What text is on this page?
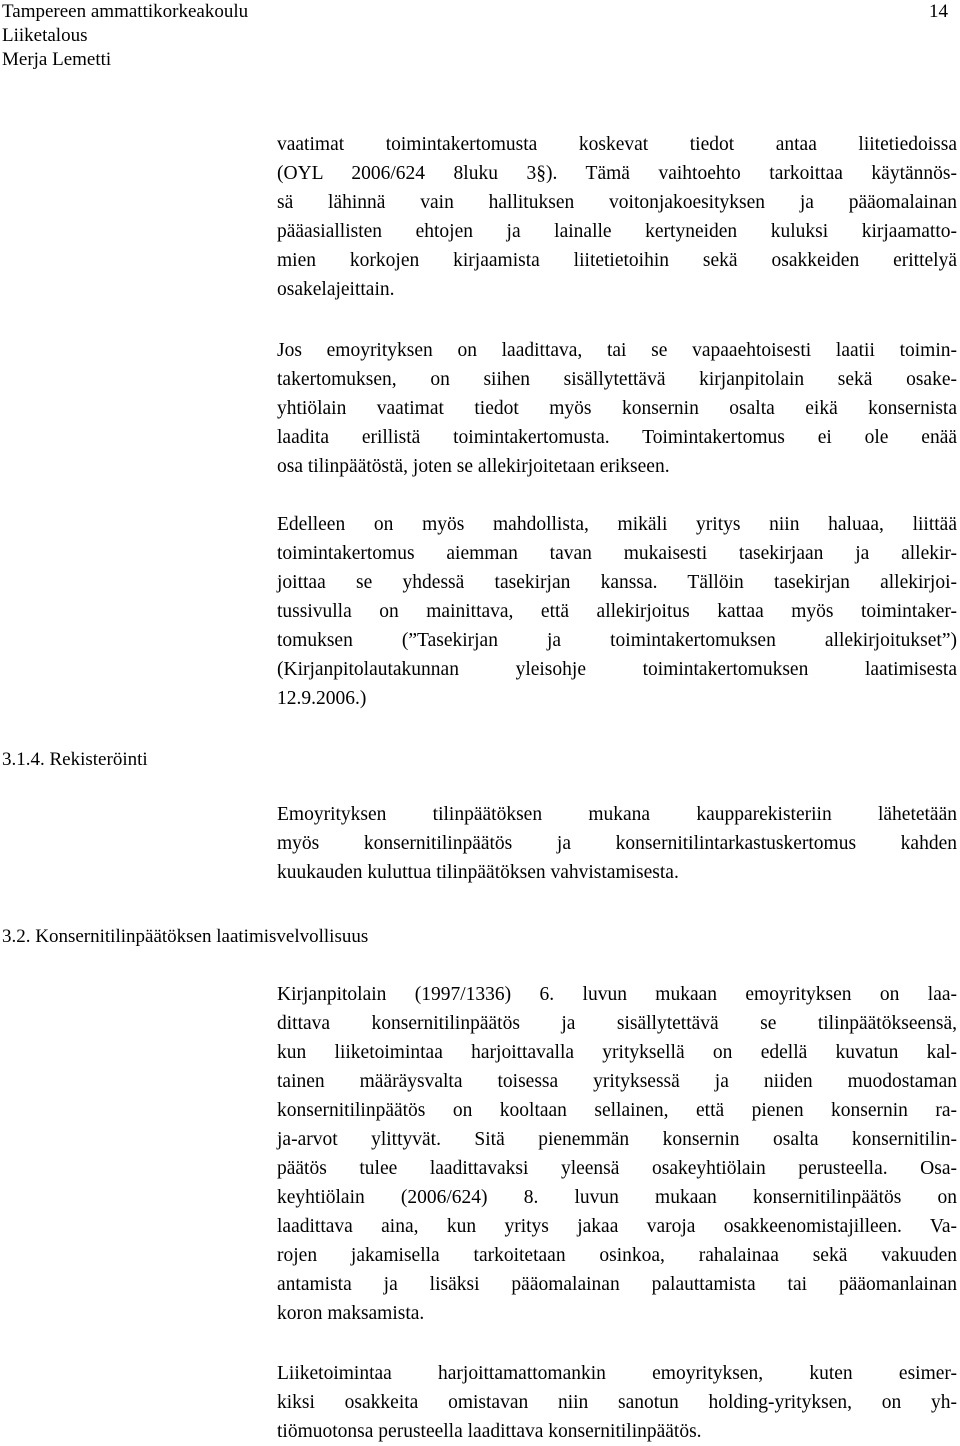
Tampereen ammattikorkeakoulu
Liiketalous
Merja Lemetti
14
3.1.4. Rekisteröinti
3.2. Konsernitilinpäätöksen laatimisvelvollisuus
vaatimat toimintakertomusta koskevat tiedot antaa liitetiedoissa
(OYL 2006/624 8luku 3§). Tämä vaihtoehto tarkoittaa käytännös-
sä lähinnä vain hallituksen voitonjakoesityksen ja pääomalainan
pääasiallisten ehtojen ja lainalle kertyneiden kuluksi kirjaamatto-
mien korkojen kirjaamista liitetietoihin sekä osakkeiden erittelyä
osakelajeittain.
Jos emoyrityksen on laadittava, tai se vapaaehtoisesti laatii toimin-
takertomuksen, on siihen sisällytettävä kirjanpitolain sekä osake-
yhtiölain vaatimat tiedot myös konsernin osalta eikä konsernista
laadita erillistä toimintakertomusta. Toimintakertomus ei ole enää
osa tilinpäätöstä, joten se allekirjoitetaan erikseen.
Edelleen on myös mahdollista, mikäli yritys niin haluaa, liittää
toimintakertomus aiemman tavan mukaisesti tasekirjaan ja allekir-
joittaa se yhdessä tasekirjan kanssa. Tällöin tasekirjan allekirjoi-
tussivulla on mainittava, että allekirjoitus kattaa myös toimintaker-
tomuksen (”Tasekirjan ja toimintakertomuksen allekirjoitukset”)
(Kirjanpitolautakunnan yleisohje toimintakertomuksen laatimisesta
12.9.2006.)
Emoyrityksen tilinpäätöksen mukana kaupparekisteriin lähetetään
myös konsernitilinpäätös ja konsernitilintarkastuskertomus kahden
kuukauden kuluttua tilinpäätöksen vahvistamisesta.
Kirjanpitolain (1997/1336) 6. luvun mukaan emoyrityksen on laa-
dittava konsernitilinpäätös ja sisällytettävä se tilinpäätökseensä,
kun liiketoimintaa harjoittavalla yrityksellä on edellä kuvatun kal-
tainen määräysvalta toisessa yrityksessä ja niiden muodostaman
konsernitilinpäätös on kooltaan sellainen, että pienen konsernin ra-
ja-arvot ylittyvät. Sitä pienemmän konsernin osalta konsernitilin-
päätös tulee laadittavaksi yleensä osakeyhtiölain perusteella. Osa-
keyhtiölain (2006/624) 8. luvun mukaan konsernitilinpäätös on
laadittava aina, kun yritys jakaa varoja osakkeenomistajilleen. Va-
rojen jakamisella tarkoitetaan osinkoa, rahalainaa sekä vakuuden
antamista ja lisäksi pääomalainan palauttamista tai pääomanlainan
koron maksamista.
Liiketoimintaa harjoittamattomankin emoyrityksen, kuten esimer-
kiksi osakkeita omistavan niin sanotun holding-yrityksen, on yh-
tiömuotonsa perusteella laadittava konsernitilinpäätös.
